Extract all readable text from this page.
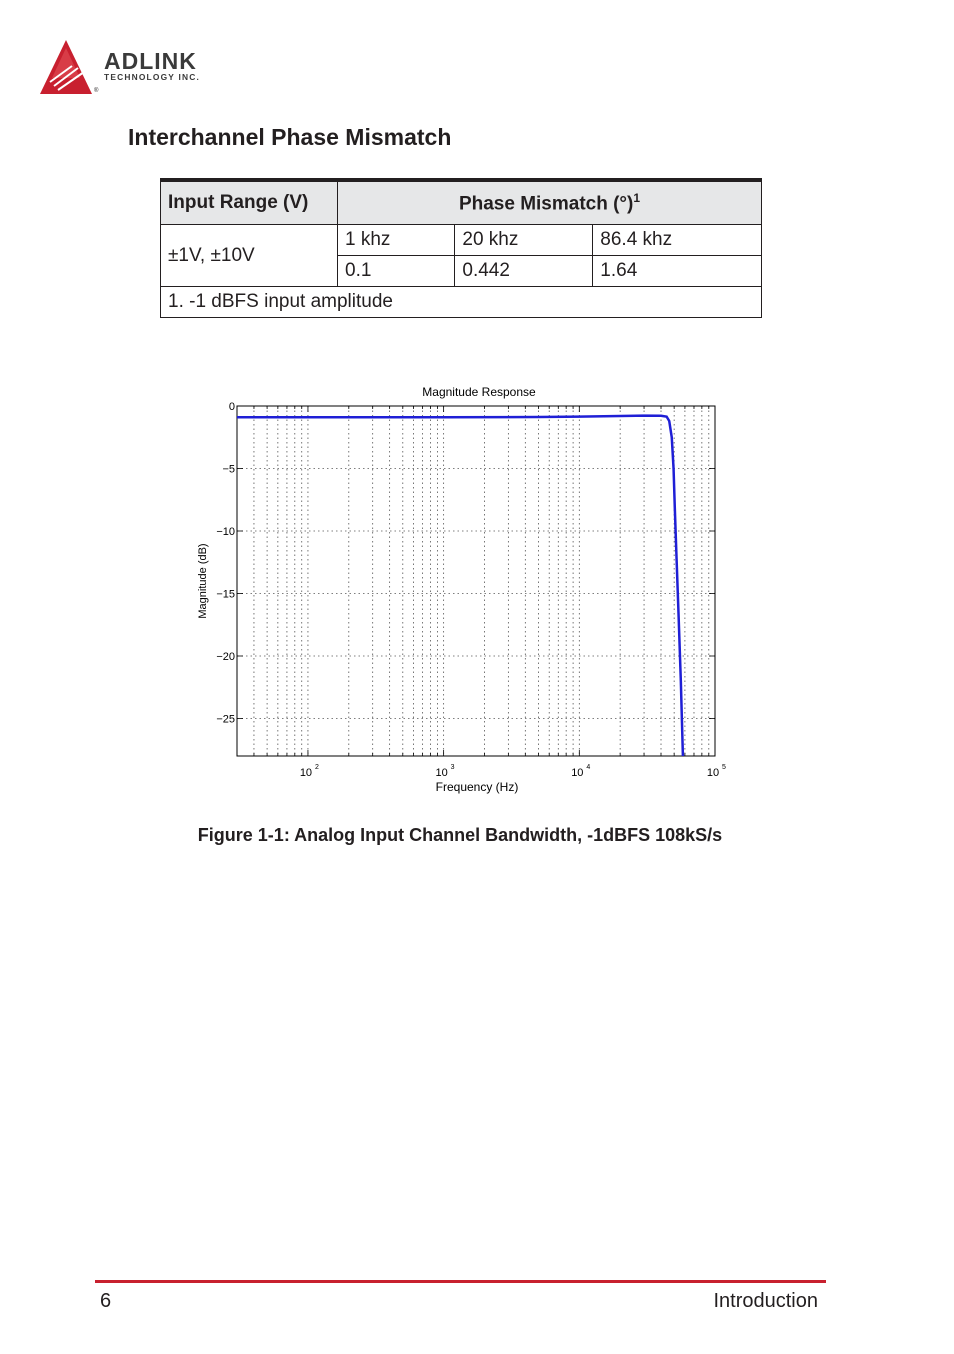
ADLINK
TECHNOLOGY INC.
®
Interchannel Phase Mismatch
Input Range (V)	Phase Mismatch (°)$^1$
±1V, ±10V	1 khz	20 khz	86.4 khz
	0.1	0.442	1.64
1. -1 dBFS input amplitude			
0
−5
−10
−15
−20
−25
10 2	10 3	10 4	10 5
Magnitude Response
Frequency (Hz)
Magnitude (dB)

Figure 1-1: Analog Input Channel Bandwidth, -1dBFS 108kS/s

6	Introduction
